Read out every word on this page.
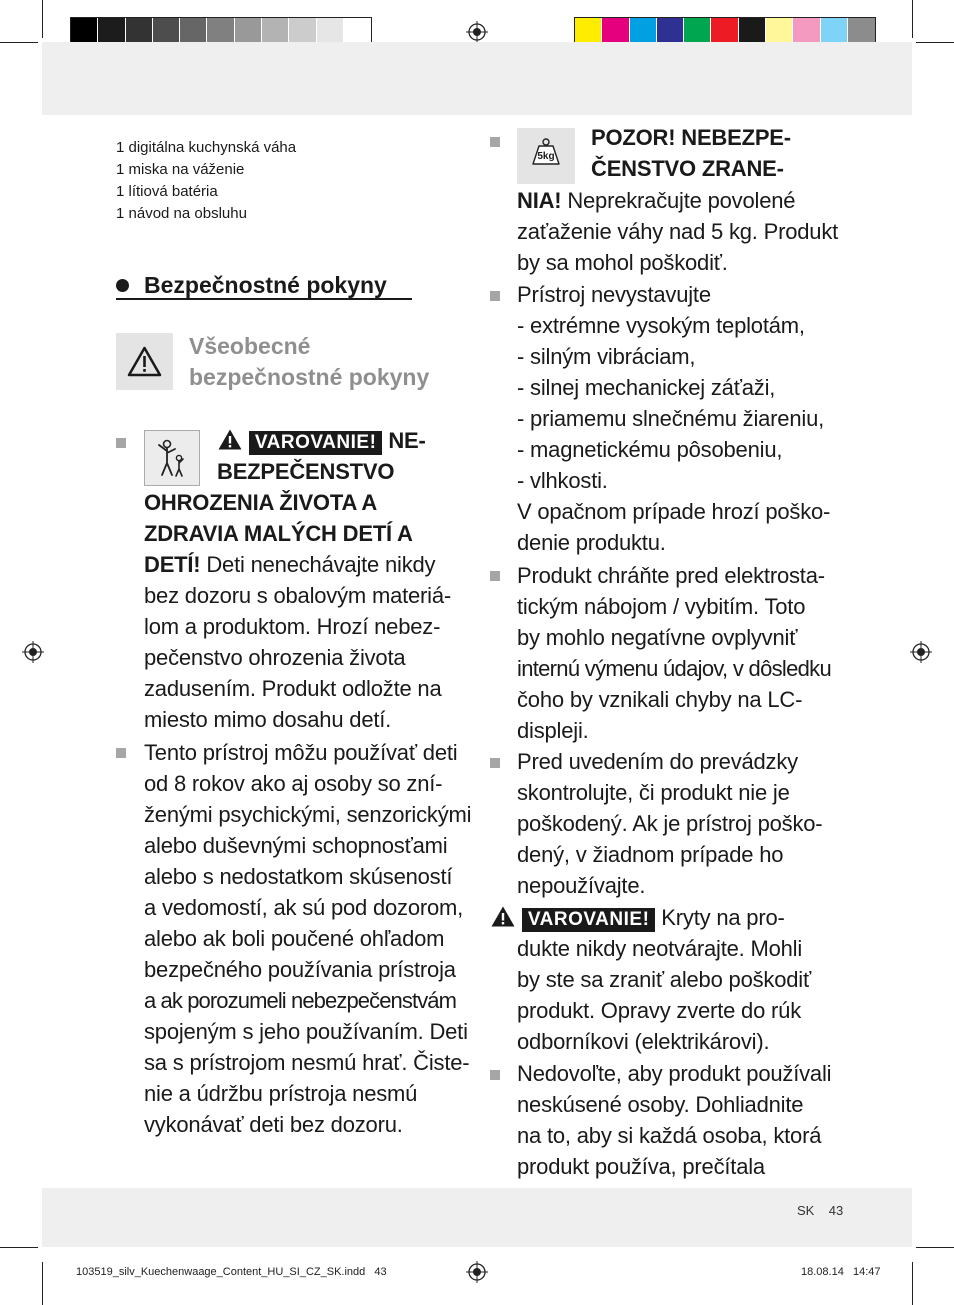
1 digitálna kuchynská váha
1 miska na váženie
1 lítiová batéria
1 návod na obsluhu
Bezpečnostné pokyny
Všeobecné
bezpečnostné pokyny
VAROVANIE! NE-
BEZPEČENSTVO
OHROZENIA ŽIVOTA A
ZDRAVIA MALÝCH DETÍ A
DETÍ! Deti nenechávajte nikdy
bez dozoru s obalovým materiá-
lom a produktom. Hrozí nebez-
pečenstvo ohrozenia života
zadusením. Produkt odložte na
miesto mimo dosahu detí.
Tento prístroj môžu používať deti
od 8 rokov ako aj osoby so zní-
ženými psychickými, senzorickými
alebo duševnými schopnosťami
alebo s nedostatkom skúseností
a vedomostí, ak sú pod dozorom,
alebo ak boli poučené ohľadom
bezpečného používania prístroja
a ak porozumeli nebezpečenstvám
spojeným s jeho používaním. Deti
sa s prístrojom nesmú hrať. Čiste-
nie a údržbu prístroja nesmú
vykonávať deti bez dozoru.
5kg
POZOR! NEBEZPE-
ČENSTVO ZRANE-
NIA! Neprekračujte povolené
zaťaženie váhy nad 5 kg. Produkt
by sa mohol poškodiť.
Prístroj nevystavujte
- extrémne vysokým teplotám,
- silným vibráciam,
- silnej mechanickej záťaži,
- priamemu slnečnému žiareniu,
- magnetickému pôsobeniu,
- vlhkosti.
V opačnom prípade hrozí poško-
denie produktu.
Produkt chráňte pred elektrosta-
tickým nábojom / vybitím. Toto
by mohlo negatívne ovplyvniť
internú výmenu údajov, v dôsledku
čoho by vznikali chyby na LC-
displeji.
Pred uvedením do prevádzky
skontrolujte, či produkt nie je
poškodený. Ak je prístroj poško-
dený, v žiadnom prípade ho
nepoužívajte.
VAROVANIE! Kryty na pro-
dukte nikdy neotvárajte. Mohli
by ste sa zraniť alebo poškodiť
produkt. Opravy zverte do rúk
odborníkovi (elektrikárovi).
Nedovoľte, aby produkt používali
neskúsené osoby. Dohliadnite
na to, aby si každá osoba, ktorá
produkt používa, prečítala
SK 43
103519_silv_Kuechenwaage_Content_HU_SI_CZ_SK.indd   43	18.08.14   14:47
